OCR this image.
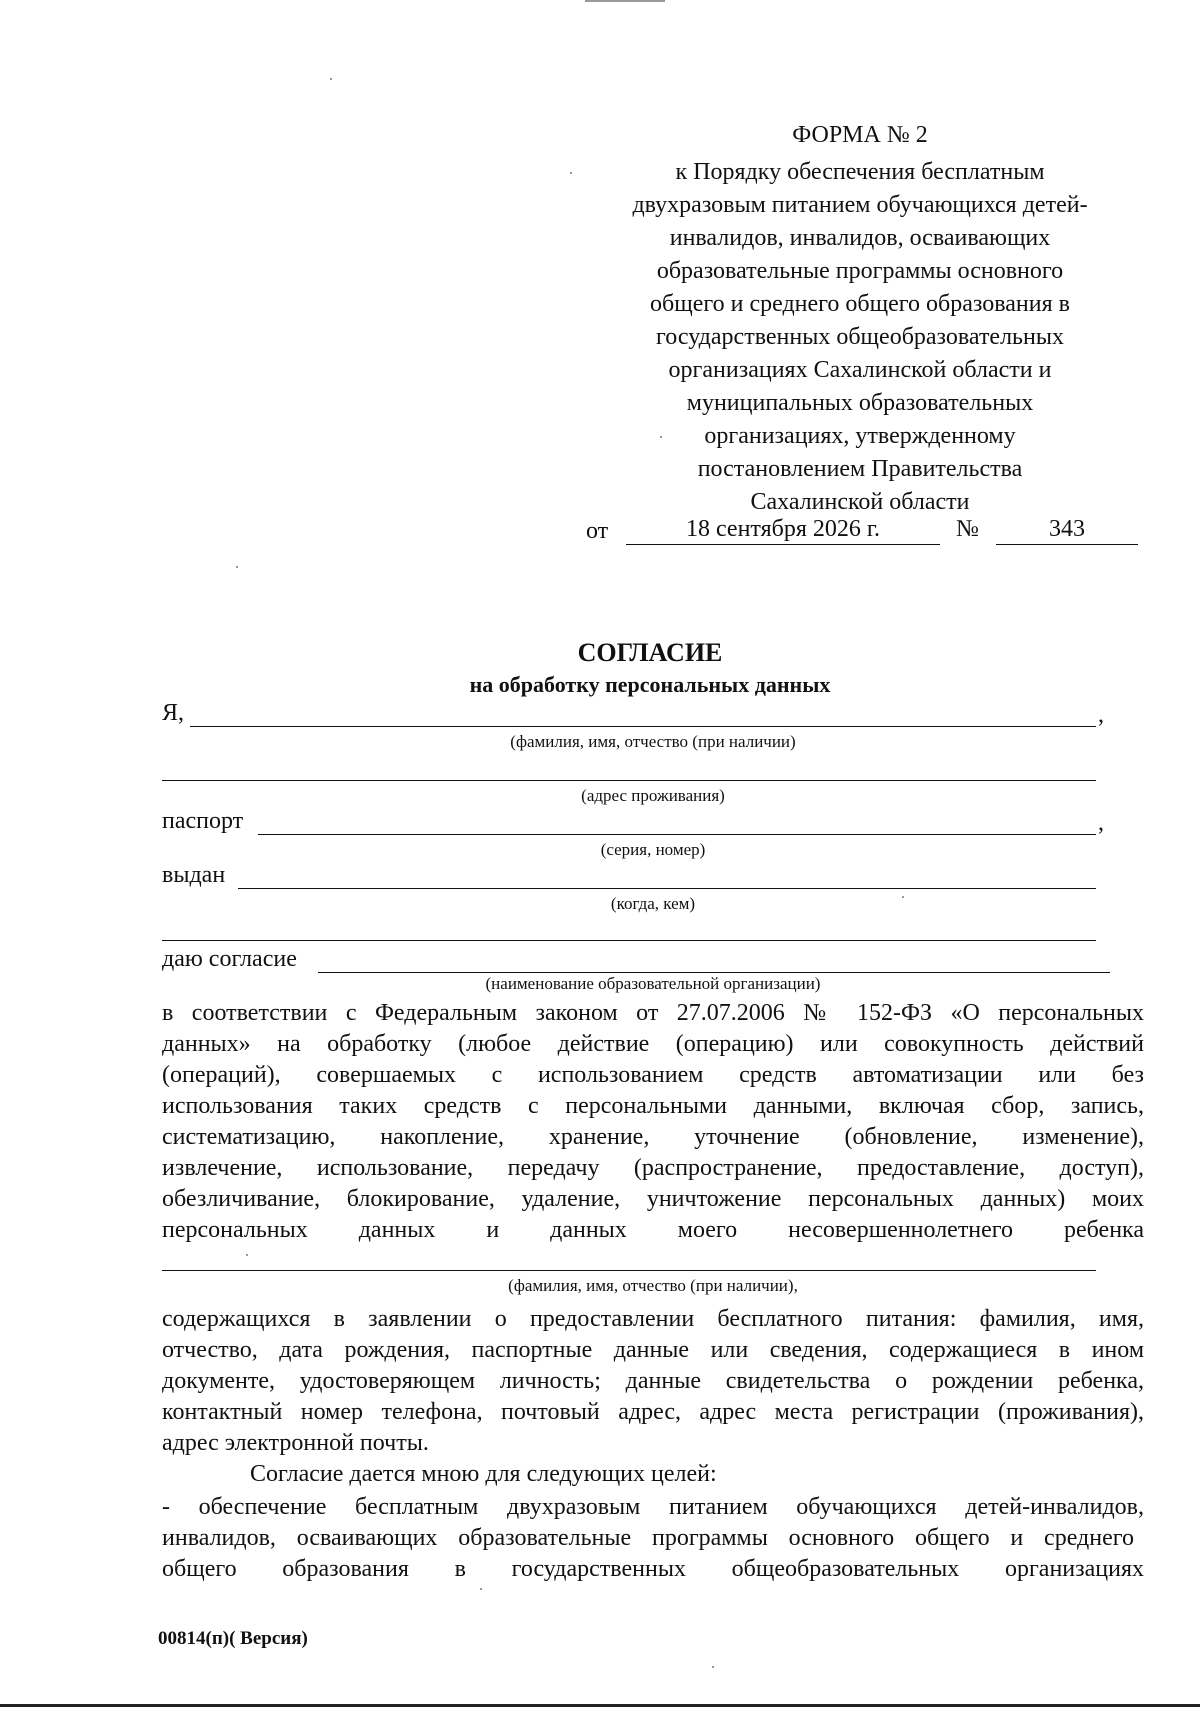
ФОРМА № 2
к Порядку обеспечения бесплатным
двухразовым питанием обучающихся детей-
инвалидов, инвалидов, осваивающих
образовательные программы основного
общего и среднего общего образования в
государственных общеобразовательных
организациях Сахалинской области и
муниципальных образовательных
организациях, утвержденному
постановлением Правительства
Сахалинской области
от	18 сентября 2026 г.	№	343
СОГЛАСИЕ
на обработку персональных данных
Я,	,
(фамилия, имя, отчество (при наличии)
(адрес проживания)
паспорт	,
(серия, номер)
выдан
(когда, кем)
даю согласие
(наименование образовательной организации)
в соответствии с Федеральным законом от 27.07.2006 № 152-ФЗ «О персональных
данных» на обработку (любое действие (операцию) или совокупность действий
(операций), совершаемых с использованием средств автоматизации или без
использования таких средств с персональными данными, включая сбор, запись,
систематизацию, накопление, хранение, уточнение (обновление, изменение),
извлечение, использование, передачу (распространение, предоставление, доступ),
обезличивание, блокирование, удаление, уничтожение персональных данных) моих
персональных данных и данных моего несовершеннолетнего ребенка
(фамилия, имя, отчество (при наличии),
содержащихся в заявлении о предоставлении бесплатного питания: фамилия, имя,
отчество, дата рождения, паспортные данные или сведения, содержащиеся в ином
документе, удостоверяющем личность; данные свидетельства о рождении ребенка,
контактный номер телефона, почтовый адрес, адрес места регистрации (проживания),
адрес электронной почты.
Согласие дается мною для следующих целей:
- обеспечение бесплатным двухразовым питанием обучающихся детей-инвалидов,
инвалидов, осваивающих образовательные программы основного общего и среднего
общего образования в государственных общеобразовательных организациях
00814(п)( Версия)
